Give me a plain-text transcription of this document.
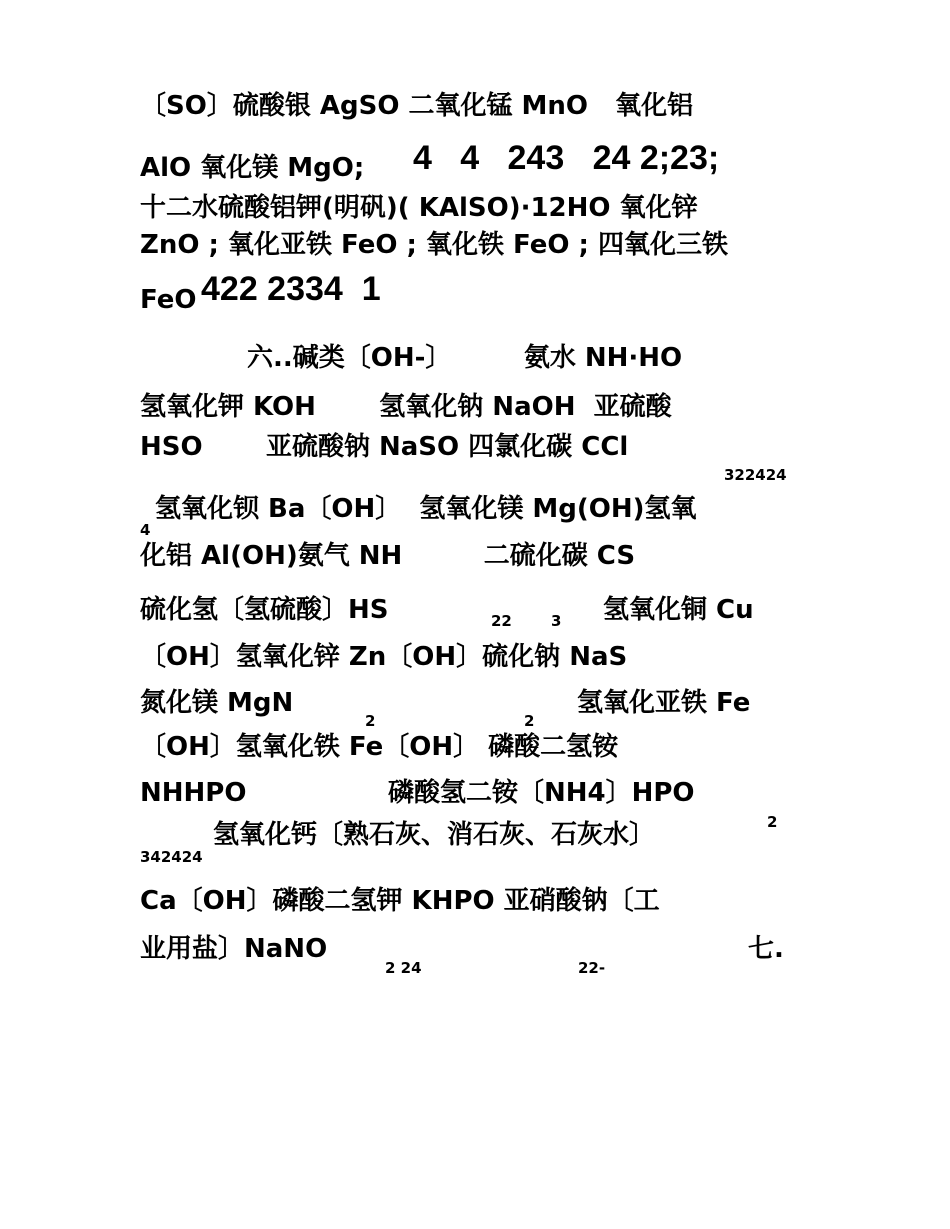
〔SO〕硫酸银 AgSO 二氧化锰 MnO   氧化铝
AlO 氧化镁 MgO; 4   4   243   24 2;23;
十二水硫酸铝钾(明矾)( KAlSO)·12HO 氧化锌
ZnO ; 氧化亚铁 FeO ; 氧化铁 FeO ; 四氧化三铁
FeO 422 2334  1
六..碱类〔OH-〕        氨水 NH·HO
氢氧化钾 KOH       氢氧化钠 NaOH  亚硫酸
HSO       亚硫酸钠 NaSO 四氯化碳 CCl
322424
氢氧化钡 Ba〔OH〕  氢氧化镁 Mg(OH)氢氧
4
化铝 Al(OH)氨气 NH         二硫化碳 CS
硫化氢〔氢硫酸〕HS	22	3 氢氧化铜 Cu
〔OH〕氢氧化锌 Zn〔OH〕硫化钠 NaS
氮化镁 MgN	氢氧化亚铁 Fe
2	2
〔OH〕氢氧化铁 Fe〔OH〕 磷酸二氢铵
NHHPO	磷酸氢二铵〔NH4〕HPO
2
342424
氢氧化钙〔熟石灰、消石灰、石灰水〕
Ca〔OH〕磷酸二氢钾 KHPO 亚硝酸钠〔工
业用盐〕NaNO
2 24	22-
七.
